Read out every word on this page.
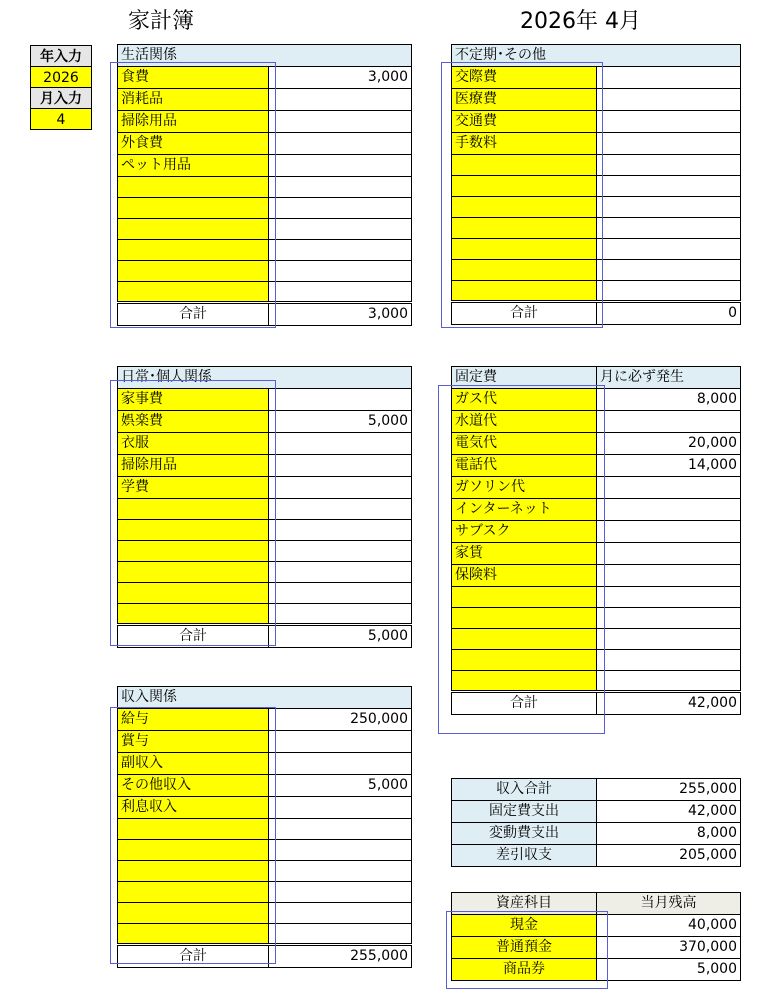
家計簿	2026年 4月
年入力
2026
月入力
4
生活関係	
食費	3,000
消耗品	
掃除用品	
外食費	
ペット用品	

合計	3,000
不定期･その他	
交際費	
医療費	
交通費	
手数料	

合計	0
日常･個人関係	
家事費	
娯楽費	5,000
衣服	
掃除用品	
学費	

合計	5,000
固定費	月に必ず発生
ガス代	8,000
水道代	
電気代	20,000
電話代	14,000
ガソリン代	
インターネット	
サブスク	
家賃	
保険料	

合計	42,000
収入関係	
給与	250,000
賞与	
副収入	
その他収入	5,000
利息収入	

合計	255,000
収入合計	255,000
固定費支出	42,000
変動費支出	8,000
差引収支	205,000
資産科目	当月残高
現金	40,000
普通預金	370,000
商品券	5,000
